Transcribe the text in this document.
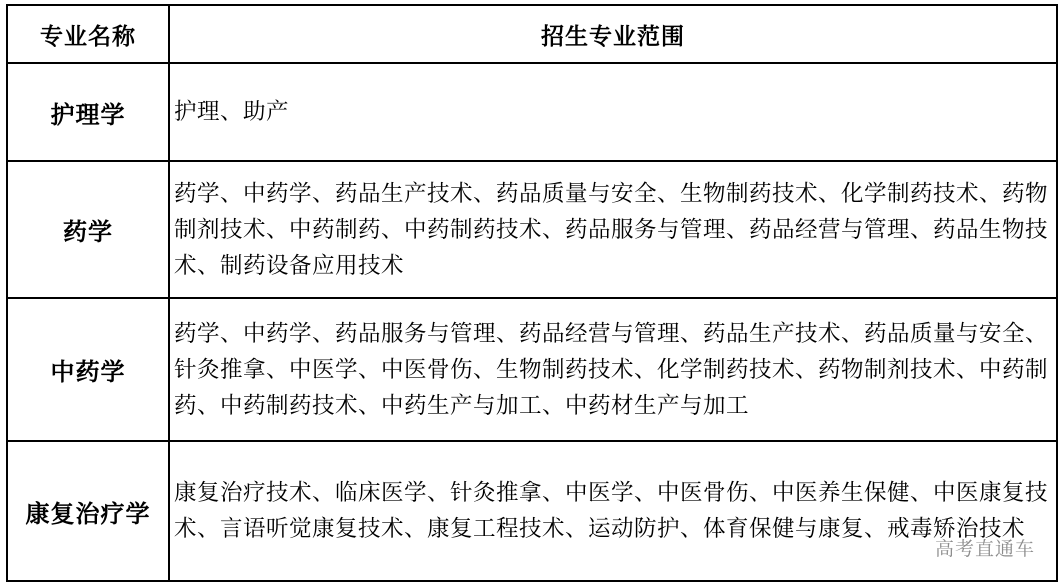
专业名称	招生专业范围
护理学	护理、助产
药学	药学、中药学、药品生产技术、药品质量与安全、生物制药技术、化学制药技术、药物制剂技术、中药制药、中药制药技术、药品服务与管理、药品经营与管理、药品生物技术、制药设备应用技术
中药学	药学、中药学、药品服务与管理、药品经营与管理、药品生产技术、药品质量与安全、针灸推拿、中医学、中医骨伤、生物制药技术、化学制药技术、药物制剂技术、中药制药、中药制药技术、中药生产与加工、中药材生产与加工
康复治疗学	康复治疗技术、临床医学、针灸推拿、中医学、中医骨伤、中医养生保健、中医康复技术、言语听觉康复技术、康复工程技术、运动防护、体育保健与康复、戒毒矫治技术
高考直通车
